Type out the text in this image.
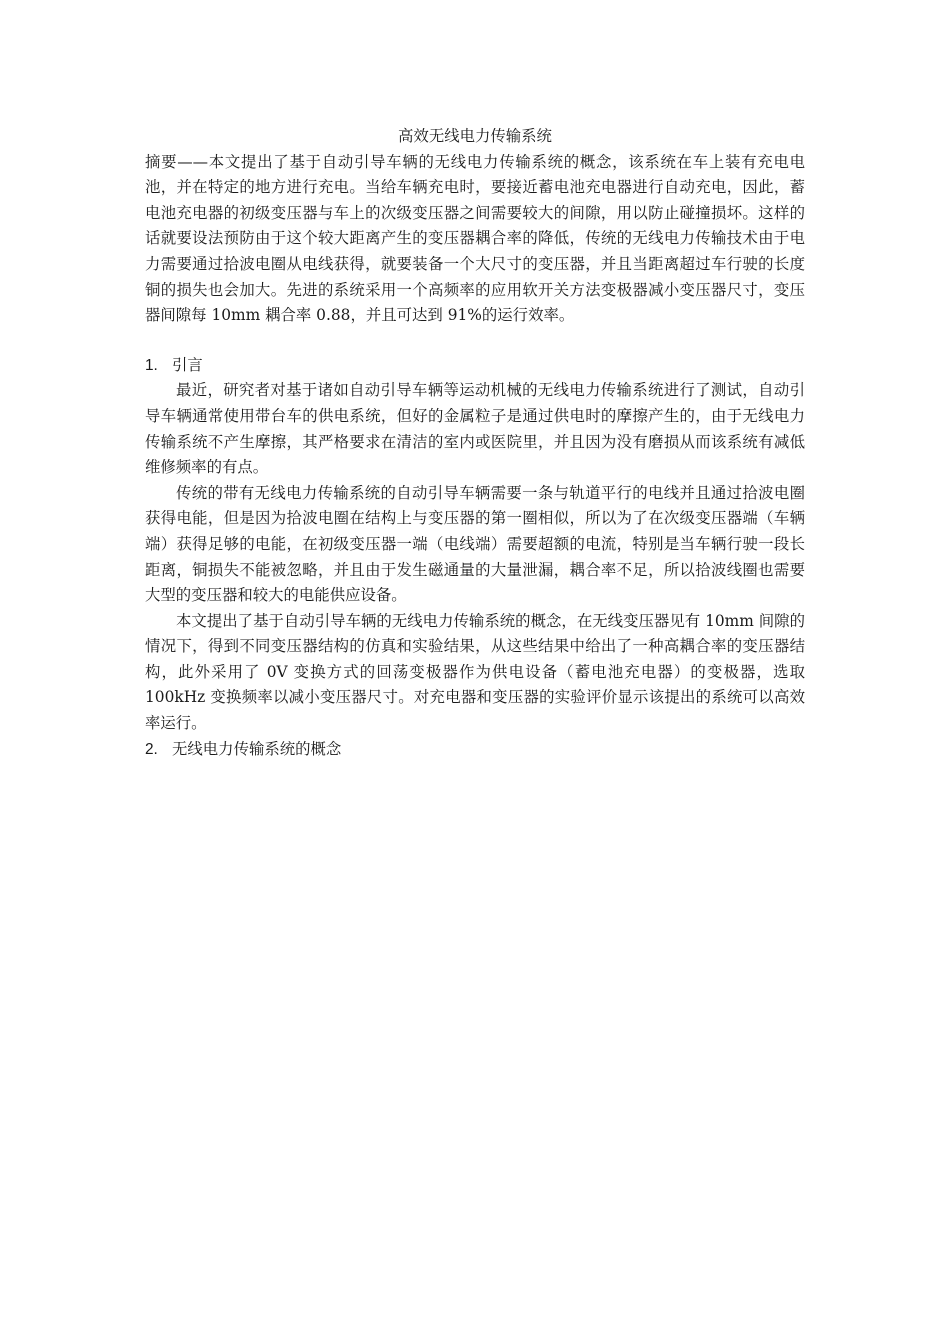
高效无线电力传输系统

摘要——本文提出了基于自动引导车辆的无线电力传输系统的概念，该系统在车上装有充电电池，并在特定的地方进行充电。当给车辆充电时，要接近蓄电池充电器进行自动充电，因此，蓄电池充电器的初级变压器与车上的次级变压器之间需要较大的间隙，用以防止碰撞损坏。这样的话就要设法预防由于这个较大距离产生的变压器耦合率的降低，传统的无线电力传输技术由于电力需要通过拾波电圈从电线获得，就要装备一个大尺寸的变压器，并且当距离超过车行驶的长度铜的损失也会加大。先进的系统采用一个高频率的应用软开关方法变极器减小变压器尺寸，变压器间隙每 10mm 耦合率 0.88，并且可达到 91%的运行效率。

1. 引言

最近，研究者对基于诸如自动引导车辆等运动机械的无线电力传输系统进行了测试，自动引导车辆通常使用带台车的供电系统，但好的金属粒子是通过供电时的摩擦产生的，由于无线电力传输系统不产生摩擦，其严格要求在清洁的室内或医院里，并且因为没有磨损从而该系统有减低维修频率的有点。

传统的带有无线电力传输系统的自动引导车辆需要一条与轨道平行的电线并且通过拾波电圈获得电能，但是因为拾波电圈在结构上与变压器的第一圈相似，所以为了在次级变压器端（车辆端）获得足够的电能，在初级变压器一端（电线端）需要超额的电流，特别是当车辆行驶一段长距离，铜损失不能被忽略，并且由于发生磁通量的大量泄漏，耦合率不足，所以拾波线圈也需要大型的变压器和较大的电能供应设备。

本文提出了基于自动引导车辆的无线电力传输系统的概念，在无线变压器见有 10mm 间隙的情况下，得到不同变压器结构的仿真和实验结果，从这些结果中给出了一种高耦合率的变压器结构，此外采用了 0V 变换方式的回荡变极器作为供电设备（蓄电池充电器）的变极器，选取 100kHz 变换频率以减小变压器尺寸。对充电器和变压器的实验评价显示该提出的系统可以高效率运行。

2. 无线电力传输系统的概念
